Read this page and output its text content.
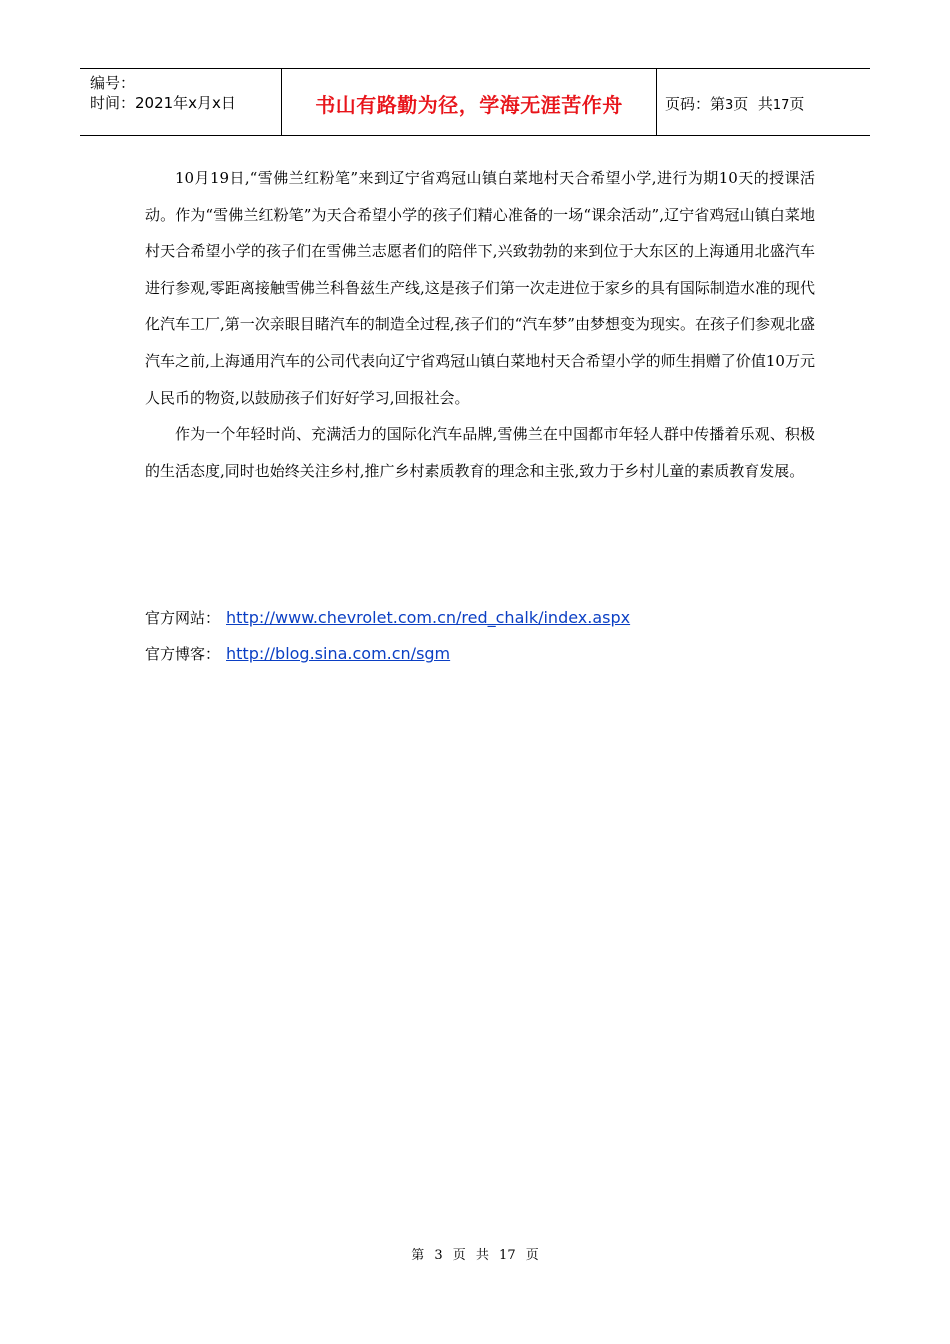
编号：
时间：2021年x月x日	书山有路勤为径，学海无涯苦作舟	页码：第3页  共17页

10月19日,“雪佛兰红粉笔”来到辽宁省鸡冠山镇白菜地村天合希望小学,进行为期10天的授课活动。作为“雪佛兰红粉笔”为天合希望小学的孩子们精心准备的一场“课余活动”,辽宁省鸡冠山镇白菜地村天合希望小学的孩子们在雪佛兰志愿者们的陪伴下,兴致勃勃的来到位于大东区的上海通用北盛汽车进行参观,零距离接触雪佛兰科鲁兹生产线,这是孩子们第一次走进位于家乡的具有国际制造水准的现代化汽车工厂,第一次亲眼目睹汽车的制造全过程,孩子们的“汽车梦”由梦想变为现实。在孩子们参观北盛汽车之前,上海通用汽车的公司代表向辽宁省鸡冠山镇白菜地村天合希望小学的师生捐赠了价值10万元人民币的物资,以鼓励孩子们好好学习,回报社会。

作为一个年轻时尚、充满活力的国际化汽车品牌,雪佛兰在中国都市年轻人群中传播着乐观、积极的生活态度,同时也始终关注乡村,推广乡村素质教育的理念和主张,致力于乡村儿童的素质教育发展。

官方网站： http://www.chevrolet.com.cn/red_chalk/index.aspx
官方博客： http://blog.sina.com.cn/sgm
第 3 页 共 17 页
